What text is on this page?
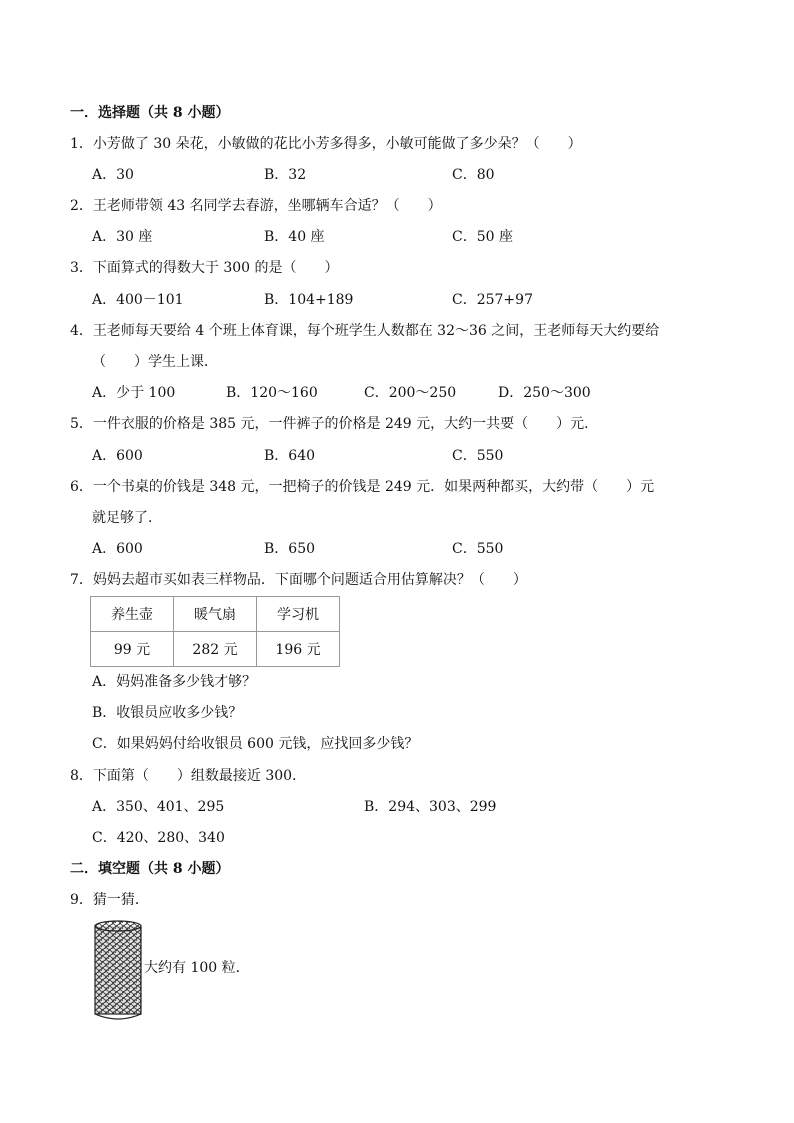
一．选择题（共 8 小题）
1．小芳做了 30 朵花，小敏做的花比小芳多得多，小敏可能做了多少朵？（　　）
A．30	B．32	C．80
2．王老师带领 43 名同学去春游，坐哪辆车合适？（　　）
A．30 座	B．40 座	C．50 座
3．下面算式的得数大于 300 的是（　　）
A．400－101	B．104+189	C．257+97
4．王老师每天要给 4 个班上体育课，每个班学生人数都在 32～36 之间，王老师每天大约要给
（　　）学生上课．
A．少于 100	B．120～160	C．200～250	D．250～300
5．一件衣服的价格是 385 元，一件裤子的价格是 249 元，大约一共要（　　）元．
A．600	B．640	C．550
6．一个书桌的价钱是 348 元，一把椅子的价钱是 249 元．如果两种都买，大约带（　　）元
就足够了．
A．600	B．650	C．550
7．妈妈去超市买如表三样物品．下面哪个问题适合用估算解决？（　　）
养生壶	暖气扇	学习机
99 元	282 元	196 元
A．妈妈准备多少钱才够？
B．收银员应收多少钱？
C．如果妈妈付给收银员 600 元钱，应找回多少钱？
8．下面第（　　）组数最接近 300．
A．350、401、295	B．294、303、299
C．420、280、340
二．填空题（共 8 小题）
9．猜一猜．
大约有 100 粒．
